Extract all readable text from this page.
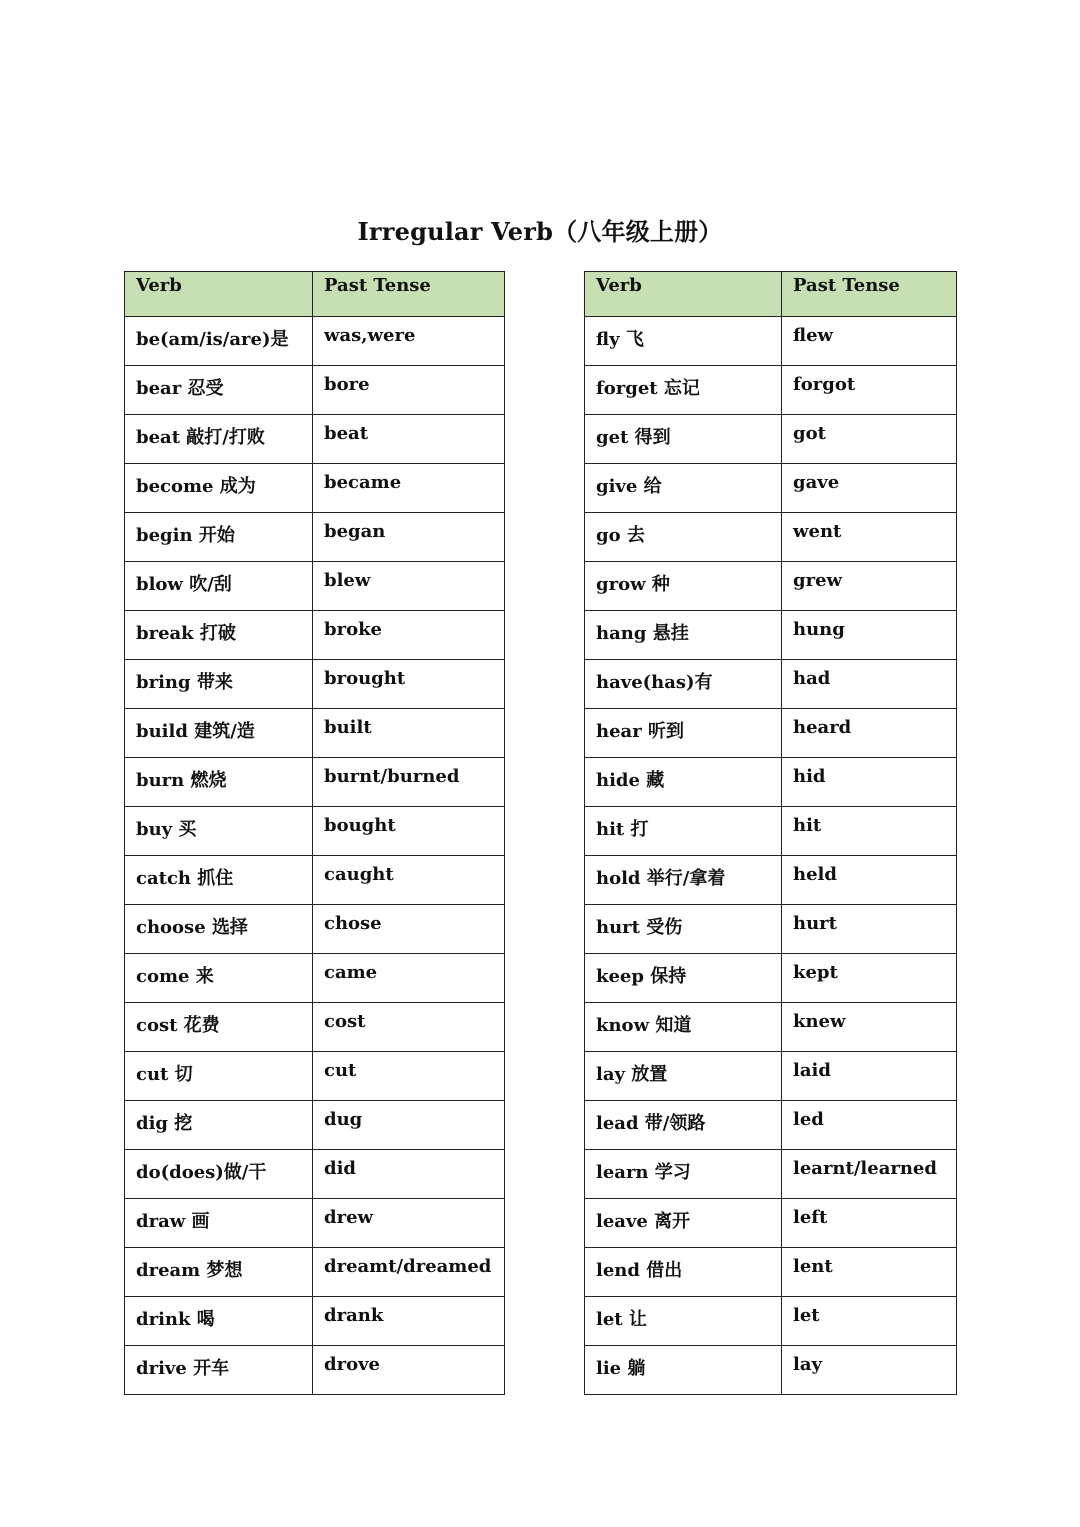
Irregular Verb（八年级上册）
Verb	Past Tense
be(am/is/are)是	was,were
bear 忍受	bore
beat 敲打/打败	beat
become 成为	became
begin 开始	began
blow 吹/刮	blew
break 打破	broke
bring 带来	brought
build 建筑/造	built
burn 燃烧	burnt/burned
buy 买	bought
catch 抓住	caught
choose 选择	chose
come 来	came
cost 花费	cost
cut 切	cut
dig 挖	dug
do(does)做/干	did
draw 画	drew
dream 梦想	dreamt/dreamed
drink 喝	drank
drive 开车	drove
Verb	Past Tense
fly 飞	flew
forget 忘记	forgot
get 得到	got
give 给	gave
go 去	went
grow 种	grew
hang 悬挂	hung
have(has)有	had
hear 听到	heard
hide 藏	hid
hit 打	hit
hold 举行/拿着	held
hurt 受伤	hurt
keep 保持	kept
know 知道	knew
lay 放置	laid
lead 带/领路	led
learn 学习	learnt/learned
leave 离开	left
lend 借出	lent
let 让	let
lie 躺	lay
